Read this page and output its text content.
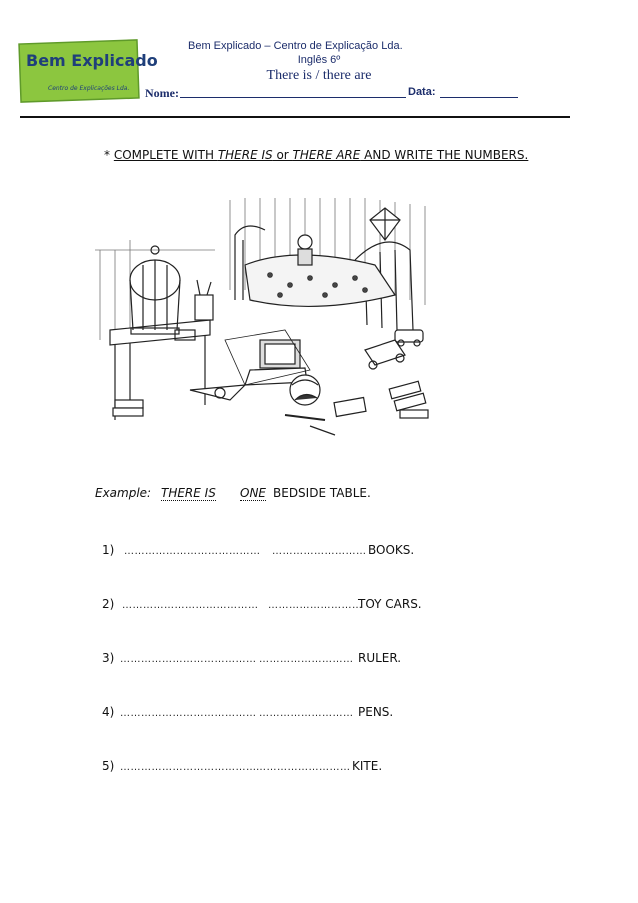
Bem Explicado
Centro de Explicações Lda.
Bem Explicado – Centro de Explicação Lda.
Inglês 6º
There is / there are
Nome:	Data:
* COMPLETE WITH THERE IS or THERE ARE AND WRITE THE NUMBERS.
Example: THERE IS ONE BEDSIDE TABLE.
1) ………………………………… ……………………… BOOKS.
2) ………………………………… ………………………
TOY CARS.
3) ………………………………… ……………………… RULER.
4) ………………………………… ……………………… PENS.
5) ………………………………… ……………………… KITE.
